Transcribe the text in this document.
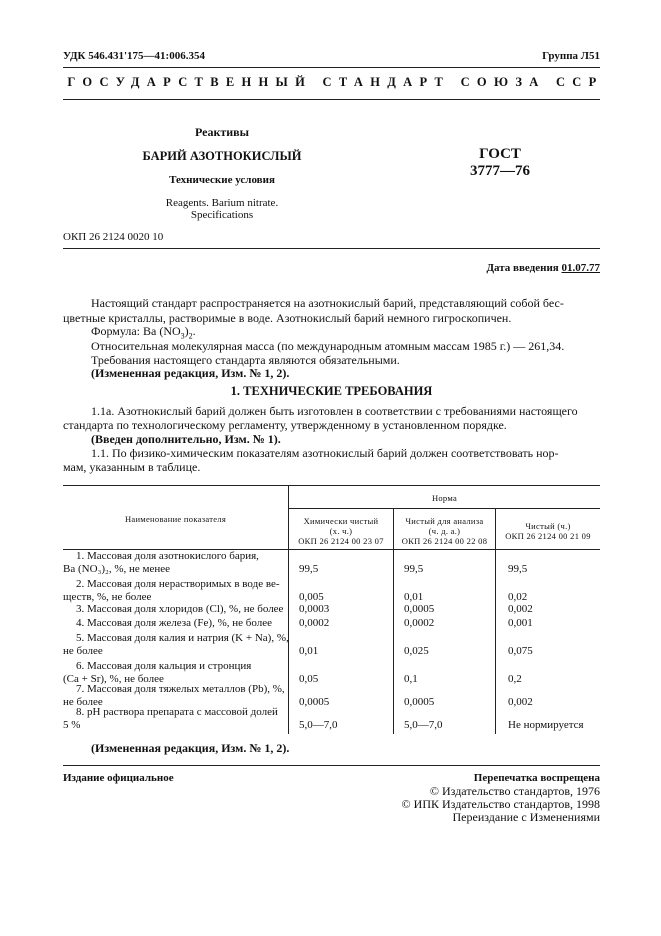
УДК 546.431'175—41:006.354	Группа Л51
ГОСУДАРСТВЕННЫЙ СТАНДАРТ СОЮЗА ССР
Реактивы
БАРИЙ АЗОТНОКИСЛЫЙ
Технические условия
Reagents. Barium nitrate.
Specifications
ГОСТ
3777—76
ОКП 26 2124 0020 10
Дата введения 01.07.77
Настоящий стандарт распространяется на азотнокислый барий, представляющий собой бес-
цветные кристаллы, растворимые в воде. Азотнокислый барий немного гигроскопичен.
Формула: Ba $(NO_3)_2$.
Относительная молекулярная масса (по международным атомным массам 1985 г.) — 261,34.
Требования настоящего стандарта являются обязательными.
(Измененная редакция, Изм. № 1, 2).
1. ТЕХНИЧЕСКИЕ ТРЕБОВАНИЯ
1.1а. Азотнокислый барий должен быть изготовлен в соответствии с требованиями настоящего
стандарта по технологическому регламенту, утвержденному в установленном порядке.
(Введен дополнительно, Изм. № 1).
1.1. По физико-химическим показателям азотнокислый барий должен соответствовать нор-
мам, указанным в таблице.
Наименование показателя
Норма
Химически чистый
(х. ч.)
ОКП 26 2124 00 23 07
Чистый для анализа
(ч. д. а.)
ОКП 26 2124 00 22 08
Чистый (ч.)
ОКП 26 2124 00 21 09
1. Массовая доля азотнокислого бария,
Ba (NO₃)₂, %, не менее	99,5	99,5	99,5
2. Массовая доля нерастворимых в воде ве-
ществ, %, не более	0,005	0,01	0,02
3. Массовая доля хлоридов (Cl), %, не более 0,0003	0,0005	0,002
4. Массовая доля железа (Fe), %, не более	0,0002	0,0002	0,001
5. Массовая доля калия и натрия (K + Na), %,
не более	0,01	0,025	0,075
6. Массовая доля кальция и стронция
(Ca + Sr), %, не более	0,05	0,1	0,2
7. Массовая доля тяжелых металлов (Pb), %,
не более	0,0005	0,0005	0,002
8. pH раствора препарата с массовой долей
5 %	5,0—7,0	5,0—7,0	Не нормируется
(Измененная редакция, Изм. № 1, 2).
Издание официальное	Перепечатка воспрещена
© Издательство стандартов, 1976
© ИПК Издательство стандартов, 1998
Переиздание с Изменениями
